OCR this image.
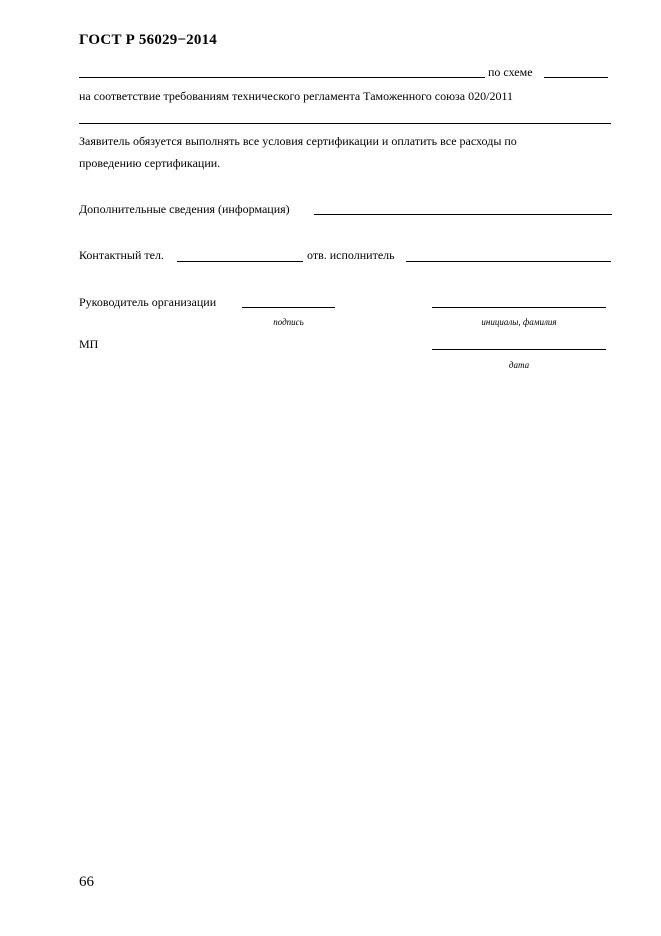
ГОСТ Р 56029−2014
по схеме
на соответствие требованиям технического регламента Таможенного союза 020/2011
Заявитель обязуется выполнять все условия сертификации и оплатить все расходы по
проведению сертификации.
Дополнительные сведения (информация)
Контактный тел.	отв. исполнитель
Руководитель организации
подпись	инициалы, фамилия
МП
дата
66
